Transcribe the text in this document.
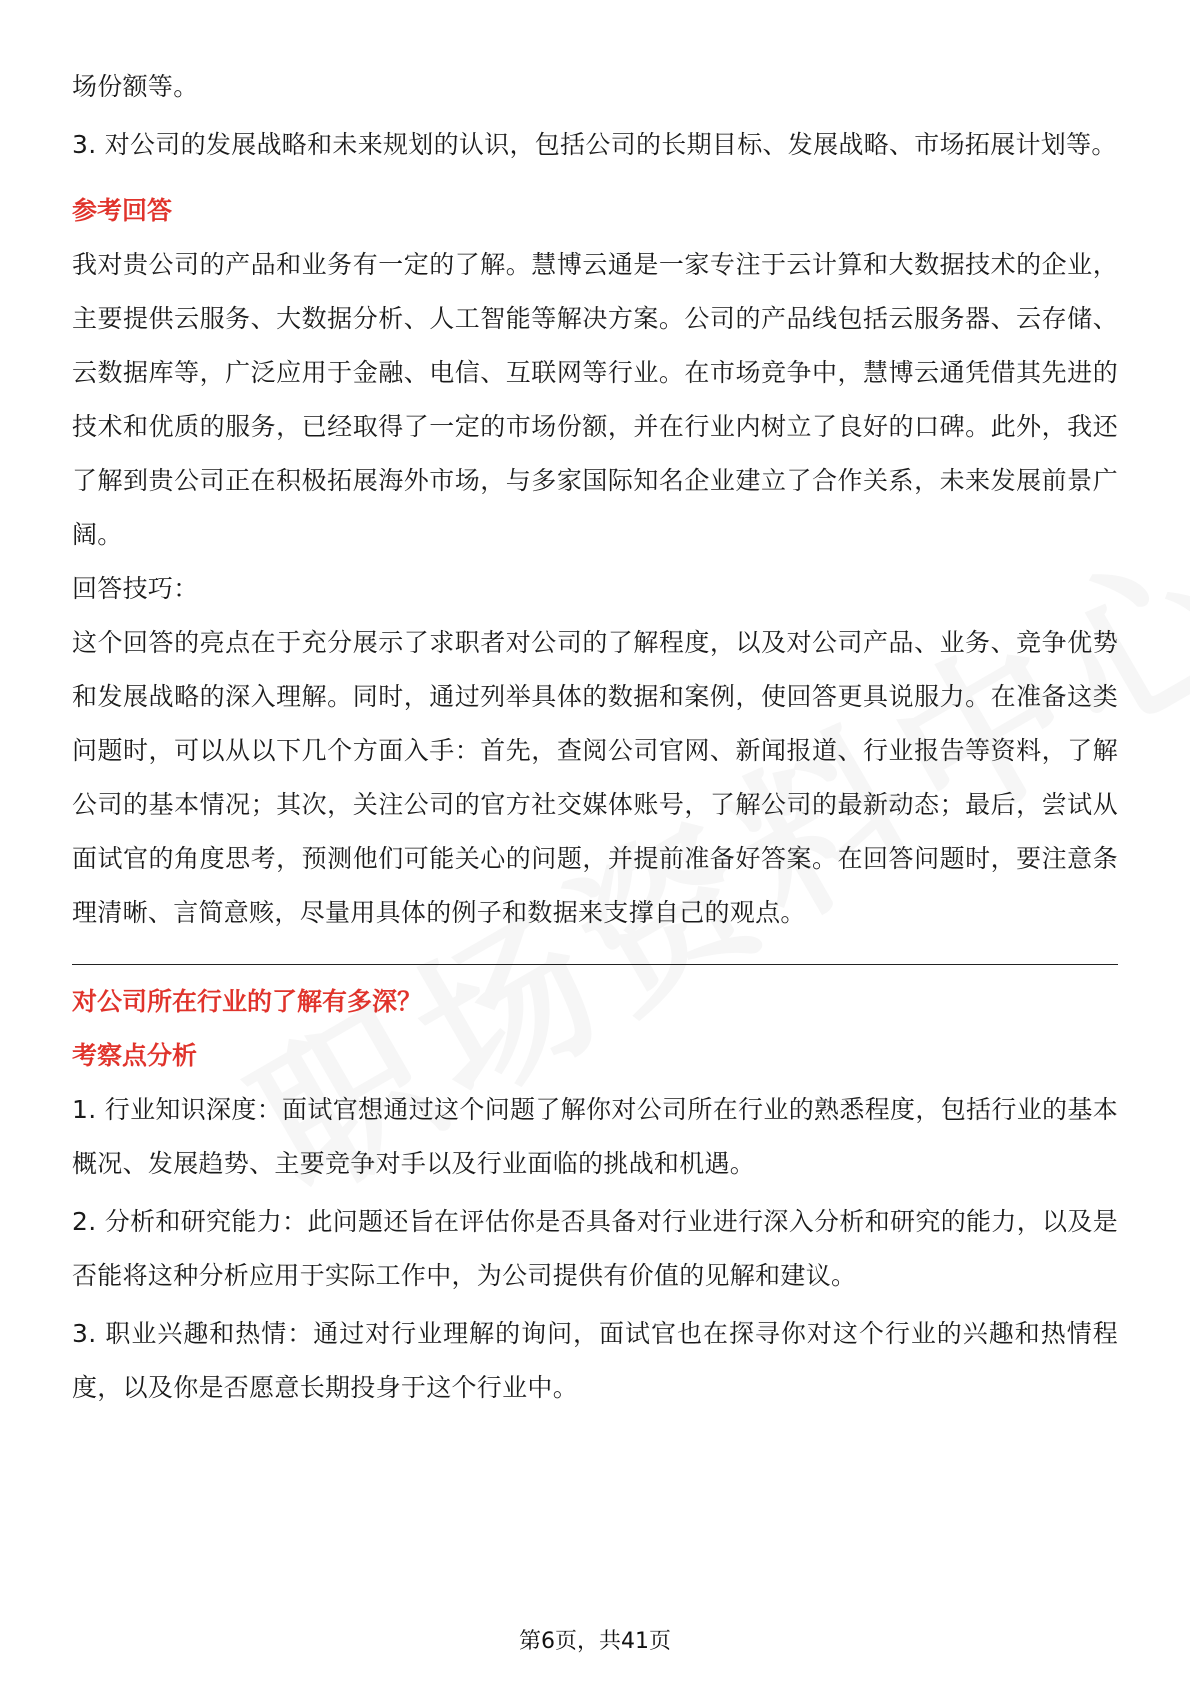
场份额等。

3. 对公司的发展战略和未来规划的认识，包括公司的长期目标、发展战略、市场拓展计划等。

参考回答

我对贵公司的产品和业务有一定的了解。慧博云通是一家专注于云计算和大数据技术的企业，主要提供云服务、大数据分析、人工智能等解决方案。公司的产品线包括云服务器、云存储、云数据库等，广泛应用于金融、电信、互联网等行业。在市场竞争中，慧博云通凭借其先进的技术和优质的服务，已经取得了一定的市场份额，并在行业内树立了良好的口碑。此外，我还了解到贵公司正在积极拓展海外市场，与多家国际知名企业建立了合作关系，未来发展前景广阔。

回答技巧：

这个回答的亮点在于充分展示了求职者对公司的了解程度，以及对公司产品、业务、竞争优势和发展战略的深入理解。同时，通过列举具体的数据和案例，使回答更具说服力。在准备这类问题时，可以从以下几个方面入手：首先，查阅公司官网、新闻报道、行业报告等资料，了解公司的基本情况；其次，关注公司的官方社交媒体账号，了解公司的最新动态；最后，尝试从面试官的角度思考，预测他们可能关心的问题，并提前准备好答案。在回答问题时，要注意条理清晰、言简意赅，尽量用具体的例子和数据来支撑自己的观点。

对公司所在行业的了解有多深？

考察点分析

1. 行业知识深度：面试官想通过这个问题了解你对公司所在行业的熟悉程度，包括行业的基本概况、发展趋势、主要竞争对手以及行业面临的挑战和机遇。

2. 分析和研究能力：此问题还旨在评估你是否具备对行业进行深入分析和研究的能力，以及是否能将这种分析应用于实际工作中，为公司提供有价值的见解和建议。

3. 职业兴趣和热情：通过对行业理解的询问，面试官也在探寻你对这个行业的兴趣和热情程度，以及你是否愿意长期投身于这个行业中。

第6页，共41页
